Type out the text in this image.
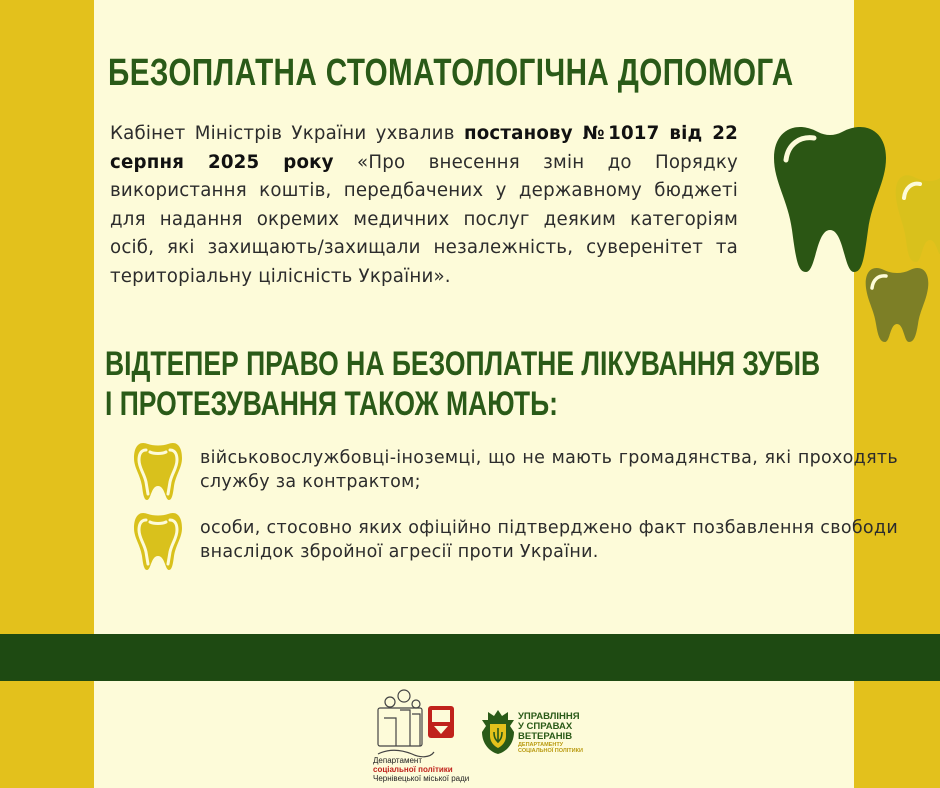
БЕЗОПЛАТНА СТОМАТОЛОГІЧНА ДОПОМОГА

Кабінет Міністрів України ухвалив постанову №1017 від 22 серпня 2025 року «Про внесення змін до Порядку використання коштів, передбачених у державному бюджеті для надання окремих медичних послуг деяким категоріям осіб, які захищають/захищали незалежність, суверенітет та територіальну цілісність України».

ВІДТЕПЕР ПРАВО НА БЕЗОПЛАТНЕ ЛІКУВАННЯ ЗУБІВ
І ПРОТЕЗУВАННЯ ТАКОЖ МАЮТЬ:

військовослужбовці-іноземці, що не мають громадянства, які проходять службу за контрактом;

особи, стосовно яких офіційно підтверджено факт позбавлення свободи внаслідок збройної агресії проти України.

Департамент
соціальної політики
Чернівецької міської ради
УПРАВЛІННЯ
У СПРАВАХ
ВЕТЕРАНІВ
ДЕПАРТАМЕНТУ
СОЦІАЛЬНОЇ ПОЛІТИКИ
